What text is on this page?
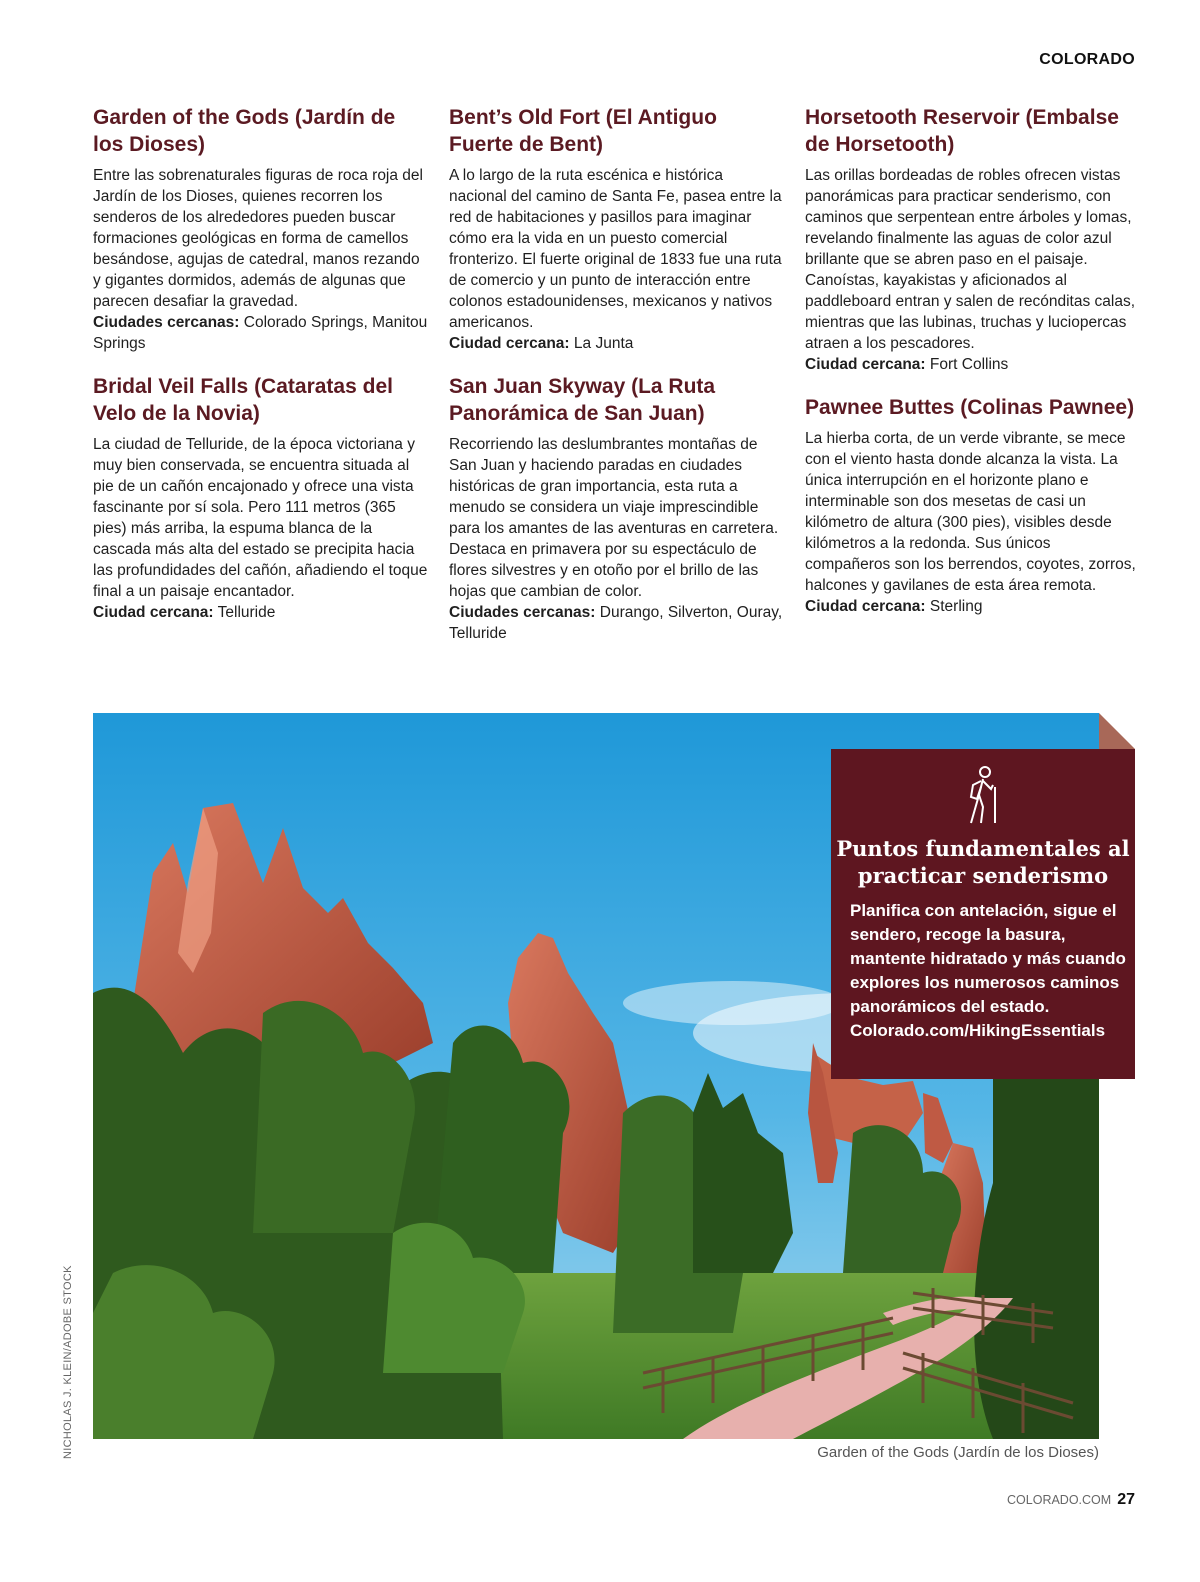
COLORADO
Garden of the Gods (Jardín de los Dioses)

Entre las sobrenaturales figuras de roca roja del Jardín de los Dioses, quienes recorren los senderos de los alrededores pueden buscar formaciones geológicas en forma de camellos besándose, agujas de catedral, manos rezando y gigantes dormidos, además de algunas que parecen desafiar la gravedad.

Ciudades cercanas: Colorado Springs, Manitou Springs
Bridal Veil Falls (Cataratas del Velo de la Novia)

La ciudad de Telluride, de la época victoriana y muy bien conservada, se encuentra situada al pie de un cañón encajonado y ofrece una vista fascinante por sí sola. Pero 111 metros (365 pies) más arriba, la espuma blanca de la cascada más alta del estado se precipita hacia las profundidades del cañón, añadiendo el toque final a un paisaje encantador.

Ciudad cercana: Telluride
Bent’s Old Fort (El Antiguo Fuerte de Bent)

A lo largo de la ruta escénica e histórica nacional del camino de Santa Fe, pasea entre la red de habitaciones y pasillos para imaginar cómo era la vida en un puesto comercial fronterizo. El fuerte original de 1833 fue una ruta de comercio y un punto de interacción entre colonos estadounidenses, mexicanos y nativos americanos.

Ciudad cercana: La Junta
San Juan Skyway (La Ruta Panorámica de San Juan)

Recorriendo las deslumbrantes montañas de San Juan y haciendo paradas en ciudades históricas de gran importancia, esta ruta a menudo se considera un viaje imprescindible para los amantes de las aventuras en carretera. Destaca en primavera por su espectáculo de flores silvestres y en otoño por el brillo de las hojas que cambian de color.

Ciudades cercanas: Durango, Silverton, Ouray, Telluride
Horsetooth Reservoir (Embalse de Horsetooth)

Las orillas bordeadas de robles ofrecen vistas panorámicas para practicar senderismo, con caminos que serpentean entre árboles y lomas, revelando finalmente las aguas de color azul brillante que se abren paso en el paisaje. Canoístas, kayakistas y aficionados al paddleboard entran y salen de recónditas calas, mientras que las lubinas, truchas y luciopercas atraen a los pescadores.

Ciudad cercana: Fort Collins
Pawnee Buttes (Colinas Pawnee)

La hierba corta, de un verde vibrante, se mece con el viento hasta donde alcanza la vista. La única interrupción en el horizonte plano e interminable son dos mesetas de casi un kilómetro de altura (300 pies), visibles desde kilómetros a la redonda. Sus únicos compañeros son los berrendos, coyotes, zorros, halcones y gavilanes de esta área remota.

Ciudad cercana: Sterling
Puntos fundamentales al practicar senderismo

Planifica con antelación, sigue el sendero, recoge la basura, mantente hidratado y más cuando explores los numerosos caminos panorámicos del estado. Colorado.com/HikingEssentials

Garden of the Gods (Jardín de los Dioses)
NICHOLAS J. KLEIN/ADOBE STOCK
COLORADO.COM 27
